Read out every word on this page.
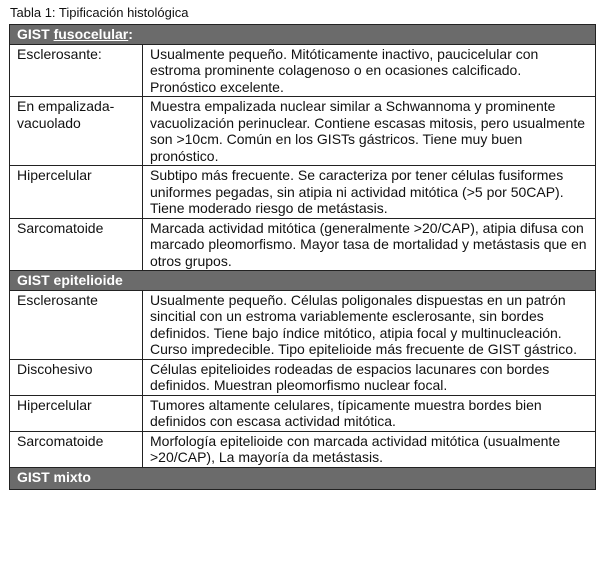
Tabla 1: Tipificación histológica
GIST fusocelular:	
Esclerosante:	Usualmente pequeño. Mitóticamente inactivo, paucicelular con estroma prominente colagenoso o en ocasiones calcificado. Pronóstico excelente.
En empalizada-vacuolado	Muestra empalizada nuclear similar a Schwannoma y prominente vacuolización perinuclear. Contiene escasas mitosis, pero usualmente son >10cm. Común en los GISTs gástricos. Tiene muy buen pronóstico.
Hipercelular	Subtipo más frecuente. Se caracteriza por tener células fusiformes uniformes pegadas, sin atipia ni actividad mitótica (>5 por 50CAP). Tiene moderado riesgo de metástasis.
Sarcomatoide	Marcada actividad mitótica (generalmente >20/CAP), atipia difusa con marcado pleomorfismo. Mayor tasa de mortalidad y metástasis que en otros grupos.
GIST epitelioide	
Esclerosante	Usualmente pequeño. Células poligonales dispuestas en un patrón sincitial con un estroma variablemente esclerosante, sin bordes definidos. Tiene bajo índice mitótico, atipia focal y multinucleación. Curso impredecible. Tipo epitelioide más frecuente de GIST gástrico.
Discohesivo	Células epitelioides rodeadas de espacios lacunares con bordes definidos. Muestran pleomorfismo nuclear focal.
Hipercelular	Tumores altamente celulares, típicamente muestra bordes bien definidos con escasa actividad mitótica.
Sarcomatoide	Morfología epitelioide con marcada actividad mitótica (usualmente >20/CAP), La mayoría da metástasis.
GIST mixto	
